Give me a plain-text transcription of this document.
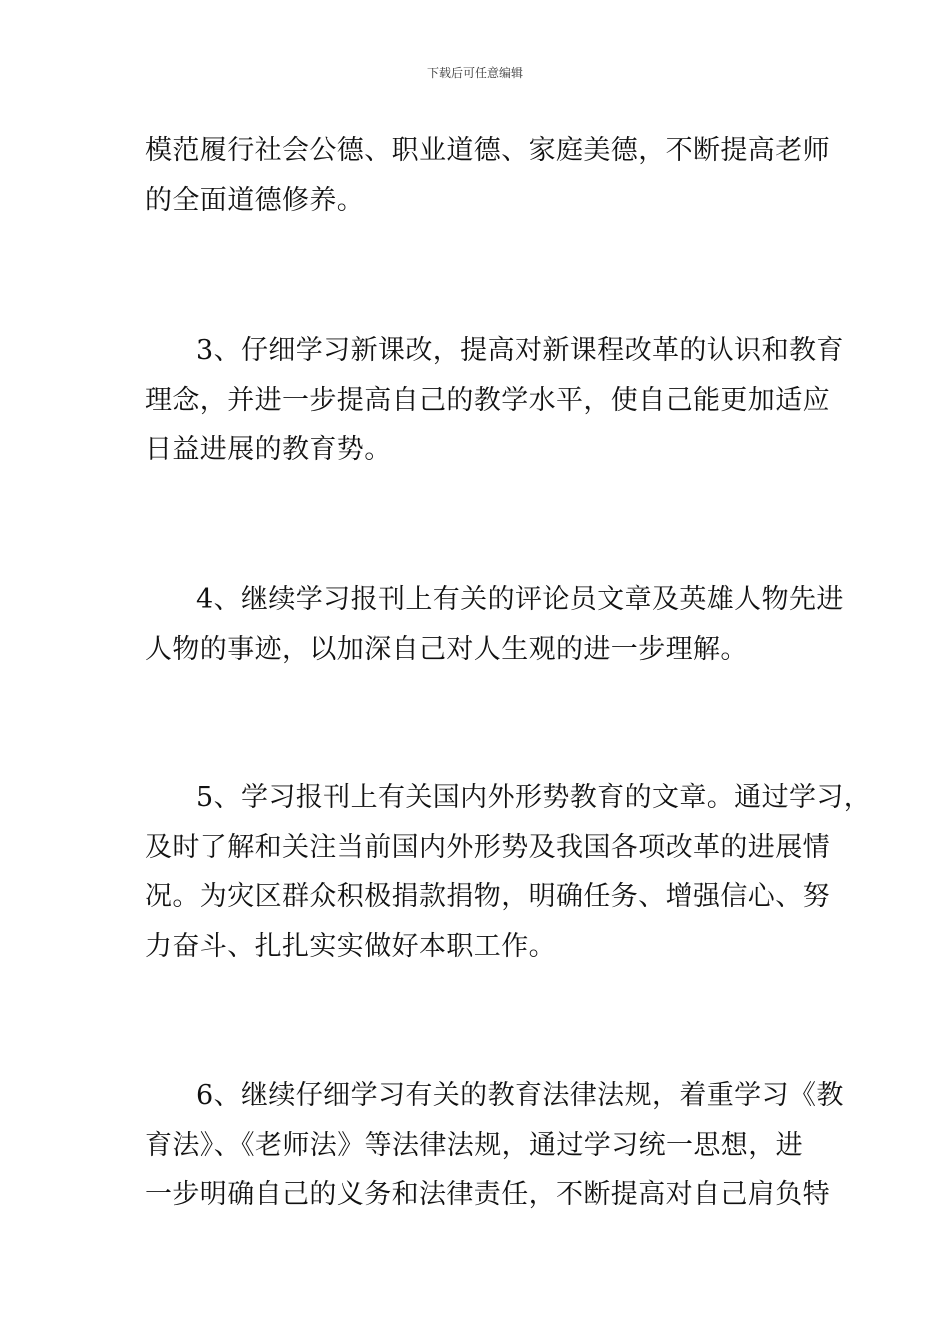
下载后可任意编辑
模范履行社会公德、职业道德、家庭美德，不断提高老师
的全面道德修养。
3、仔细学习新课改，提高对新课程改革的认识和教育
理念，并进一步提高自己的教学水平，使自己能更加适应
日益进展的教育势。
4、继续学习报刊上有关的评论员文章及英雄人物先进
人物的事迹，以加深自己对人生观的进一步理解。
5、学习报刊上有关国内外形势教育的文章。通过学习，
及时了解和关注当前国内外形势及我国各项改革的进展情
况。为灾区群众积极捐款捐物，明确任务、增强信心、努
力奋斗、扎扎实实做好本职工作。
6、继续仔细学习有关的教育法律法规，着重学习《教
育法》、《老师法》等法律法规，通过学习统一思想，进
一步明确自己的义务和法律责任，不断提高对自己肩负特
